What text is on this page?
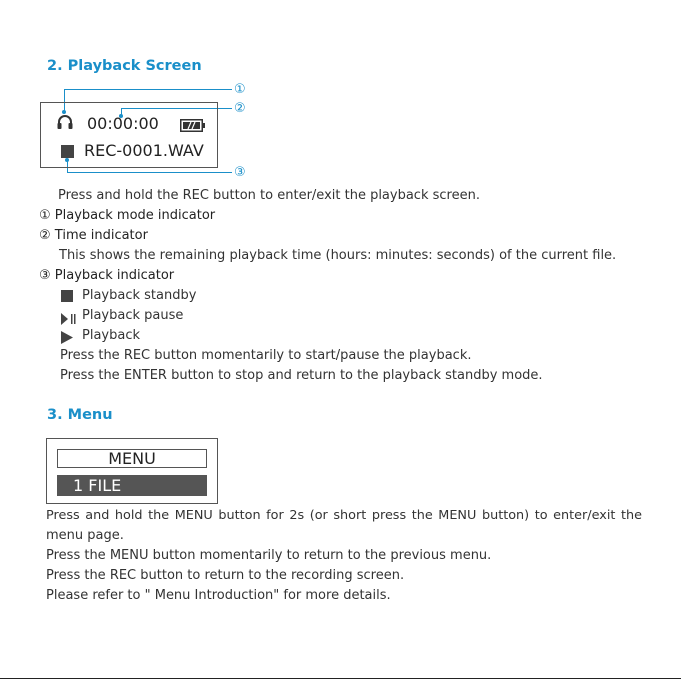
2. Playback Screen
①
②
③
00:00:00
REC-0001.WAV
Press and hold the REC button to enter/exit the playback screen.
① Playback mode indicator
② Time indicator
This shows the remaining playback time (hours: minutes: seconds) of the current file.
③ Playback indicator
Playback standby
Playback pause
Playback
Press the REC button momentarily to start/pause the playback.
Press the ENTER button to stop and return to the playback standby mode.
3. Menu
MENU
1 FILE
Press and hold the MENU button for 2s (or short press the MENU button) to enter/exit the
menu page.
Press the MENU button momentarily to return to the previous menu.
Press the REC button to return to the recording screen.
Please refer to " Menu Introduction" for more details.
